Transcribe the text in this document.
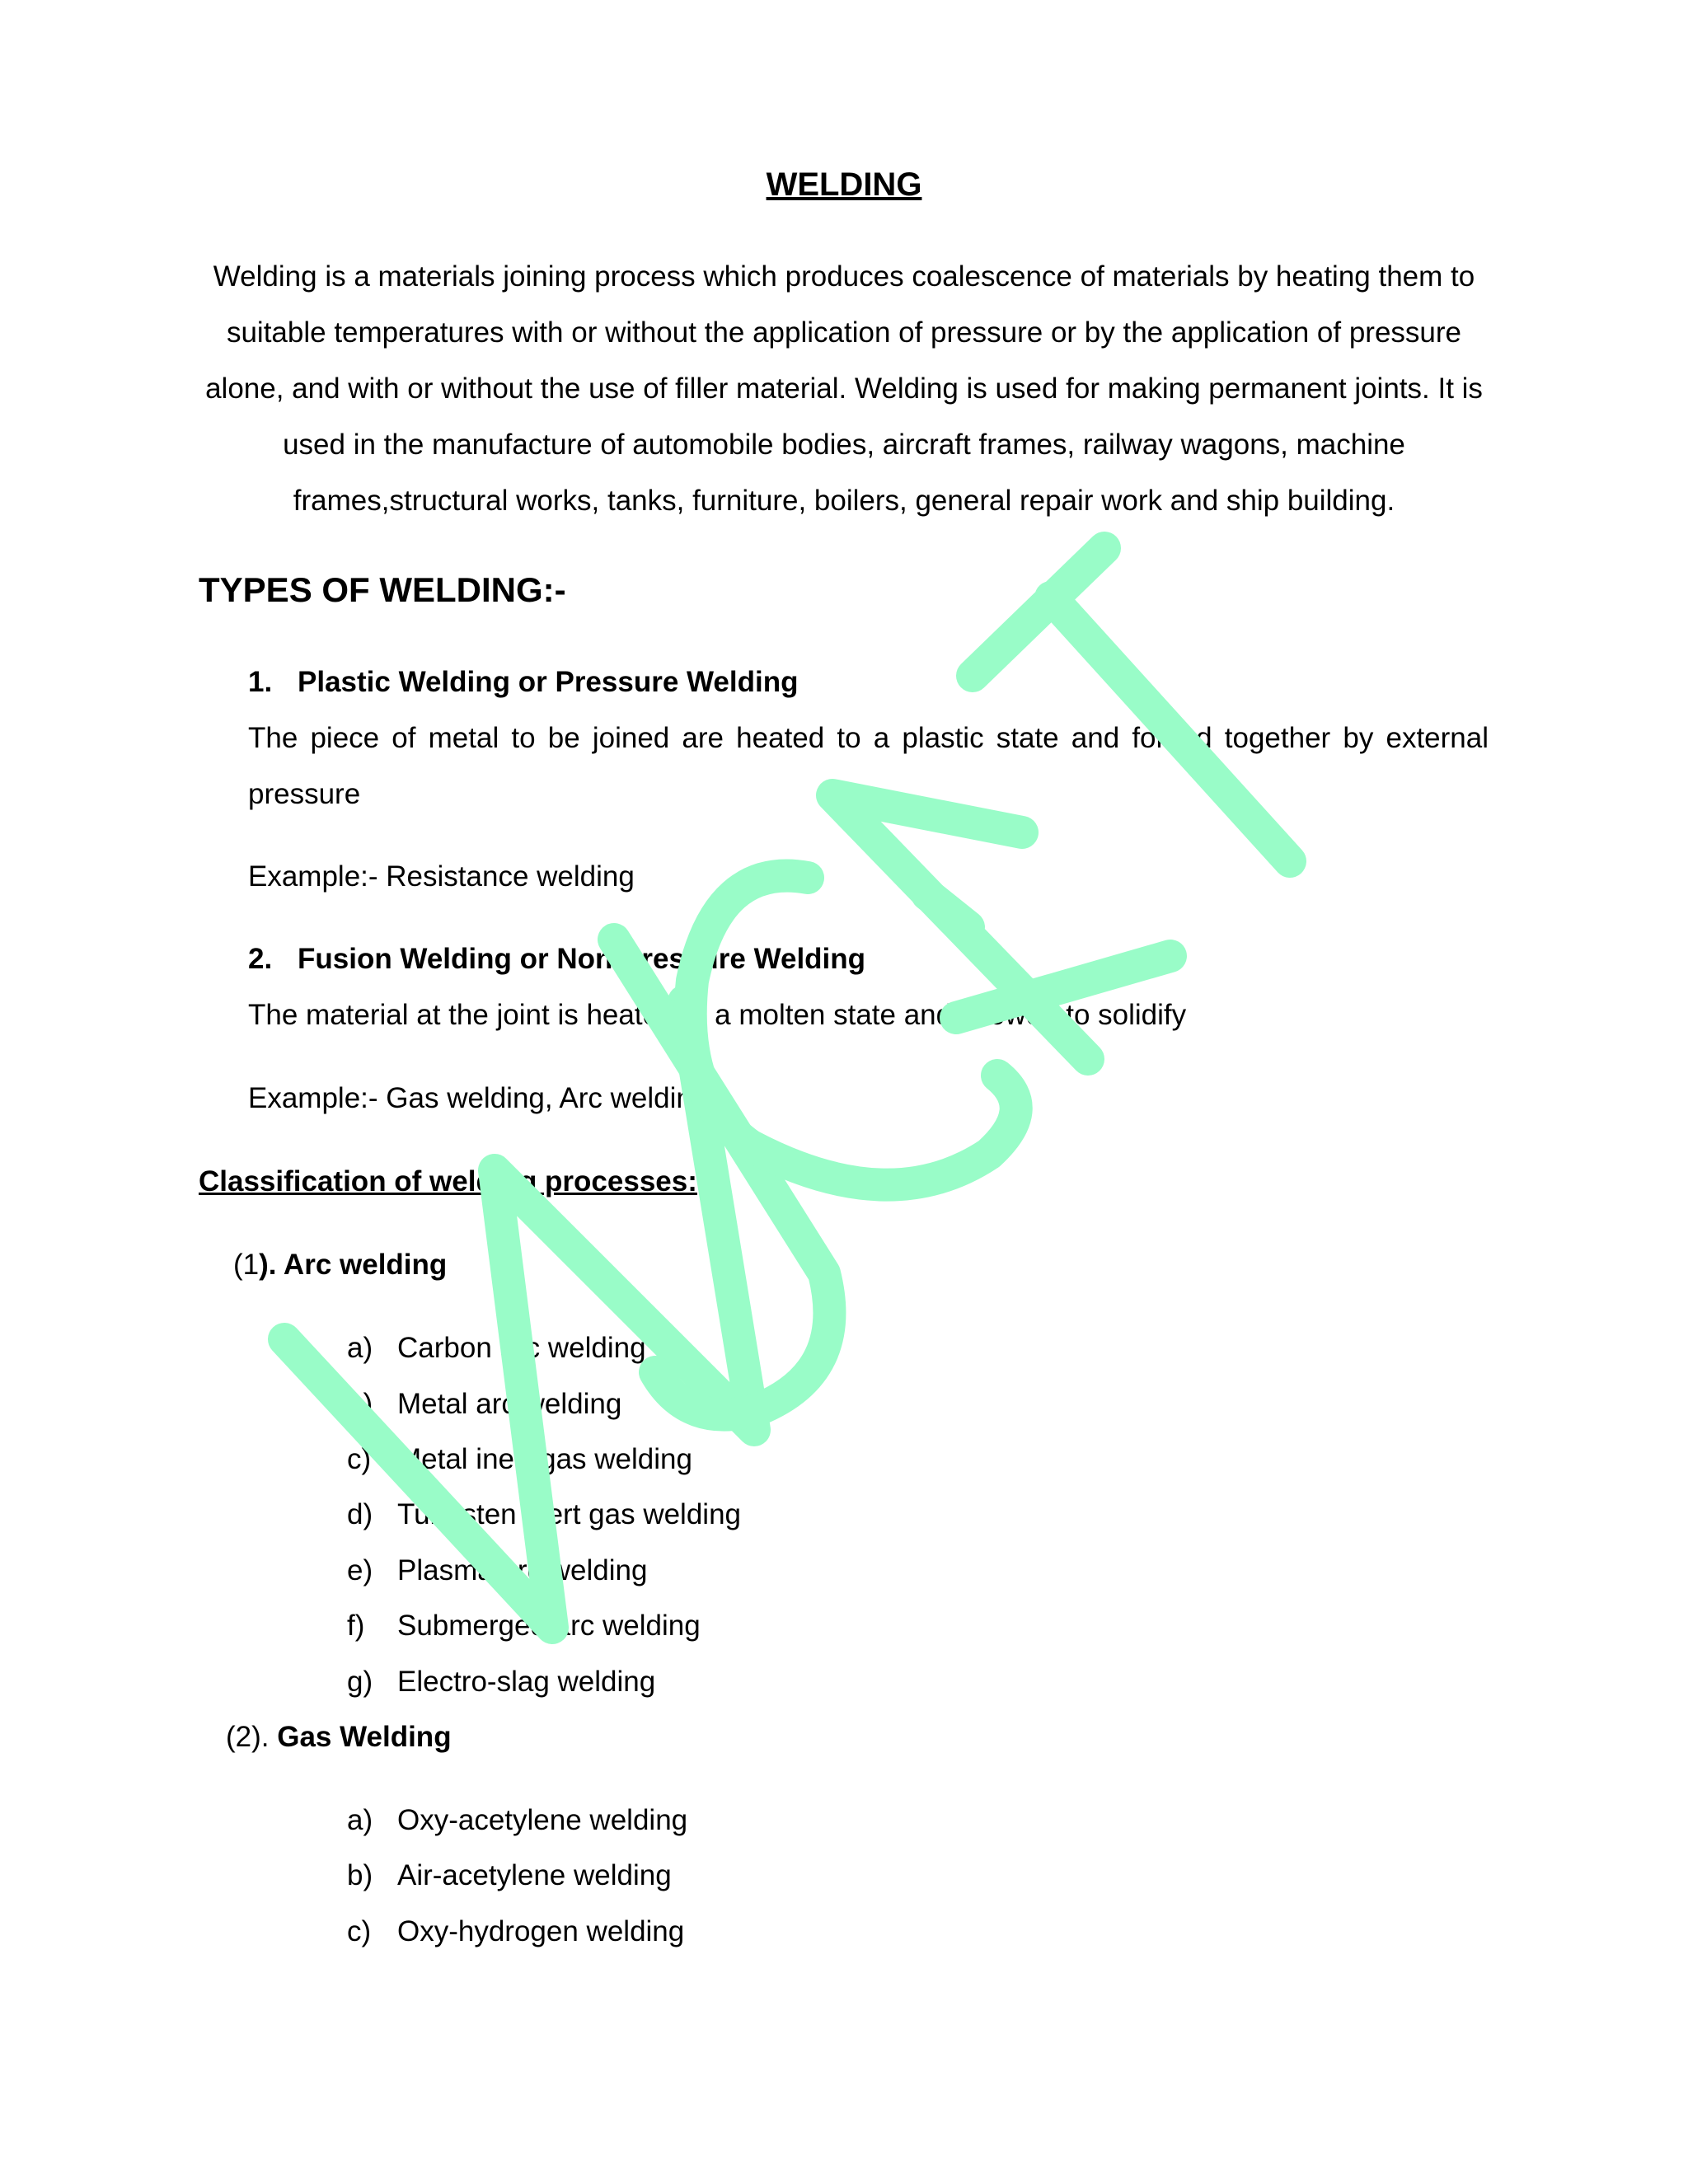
WELDING
Welding is a materials joining process which produces coalescence of materials by heating them to
suitable temperatures with or without the application of pressure or by the application of pressure
alone, and with or without the use of filler material. Welding is used for making permanent joints. It is
used in the manufacture of automobile bodies, aircraft frames, railway wagons, machine
frames,structural works, tanks, furniture, boilers, general repair work and ship building.
TYPES OF WELDING:-
1. Plastic Welding or Pressure Welding
The piece of metal to be joined are heated to a plastic state and forced together by external
pressure
Example:- Resistance welding
2. Fusion Welding or Non-Pressure Welding
The material at the joint is heated to a molten state and allowed to solidify
Example:- Gas welding, Arc welding
Classification of welding processes:
(1). Arc welding
a) Carbon arc welding
b) Metal arc welding
c) Metal inert gas welding
d) Tungsten inert gas welding
e) Plasma arc welding
f) Submerged arc welding
g) Electro-slag welding
(2). Gas Welding
a) Oxy-acetylene welding
b) Air-acetylene welding
c) Oxy-hydrogen welding
